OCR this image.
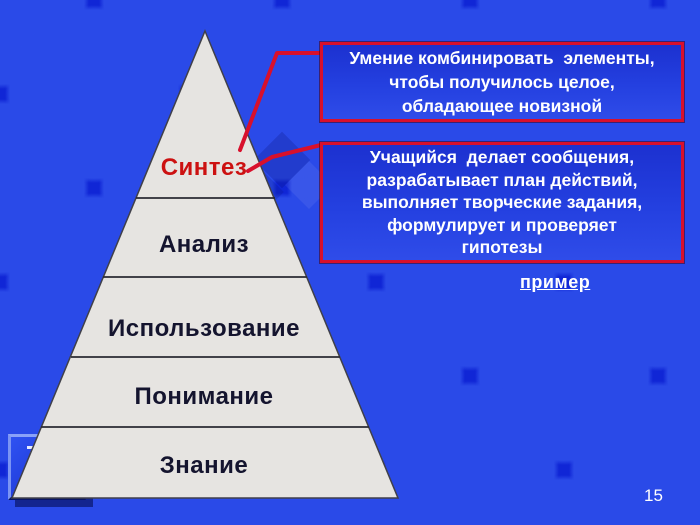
Синтез
Анализ
Использование
Понимание
Знание
Умение комбинировать  элементы,
чтобы получилось целое,
обладающее новизной
Учащийся  делает сообщения,
разрабатывает план действий,
выполняет творческие задания,
формулирует и проверяет
гипотезы
пример
15
